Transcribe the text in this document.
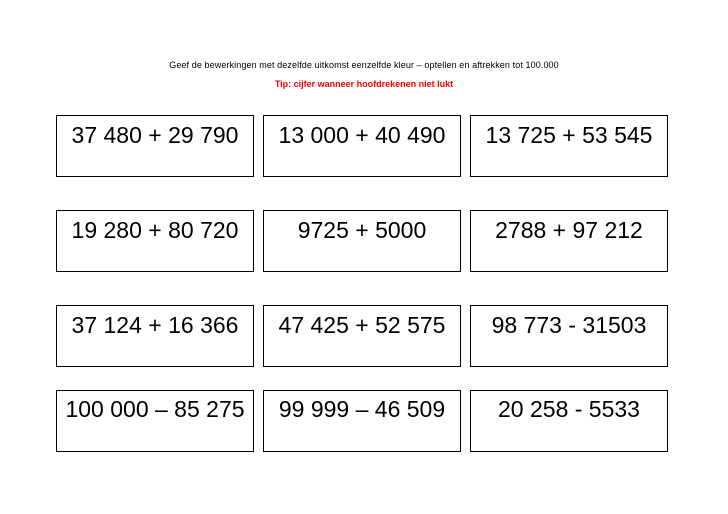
Geef de bewerkingen met dezelfde uitkomst eenzelfde kleur – optellen en aftrekken tot 100.000
Tip: cijfer wanneer hoofdrekenen niet lukt
37 480 + 29 790	13 000 + 40 490	13 725 + 53 545
19 280 + 80 720	9725 + 5000	2788 + 97 212
37 124 + 16 366	47 425 + 52 575	98 773 - 31503
100 000 – 85 275	99 999 – 46 509	20 258 - 5533
